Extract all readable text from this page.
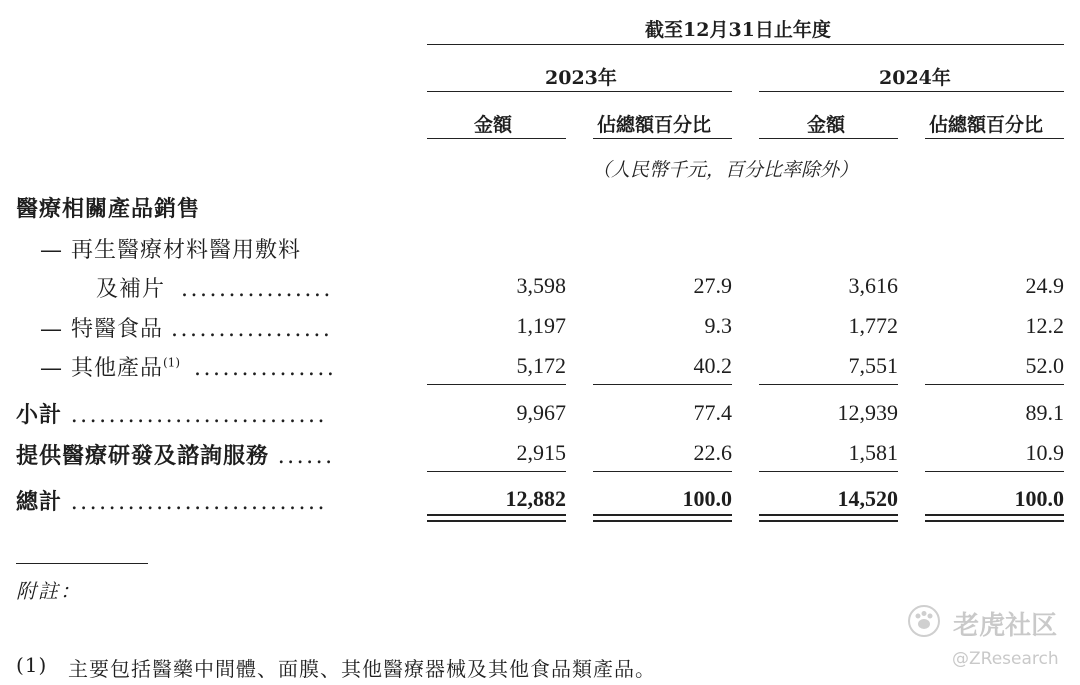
截至12月31日止年度
2023年	2024年
金額	佔總額百分比	金額	佔總額百分比
（人民幣千元，百分比率除外）
醫療相關產品銷售
— 再生醫療材料醫用敷料
及補片 ................	3,598	27.9	3,616	24.9
— 特醫食品 .................	1,197	9.3	1,772	12.2
— 其他產品$^{(1)}$ ...............	5,172	40.2	7,551	52.0
小計 ...........................	9,967	77.4	12,939	89.1
提供醫療研發及諮詢服務 ......	2,915	22.6	1,581	10.9
總計 ...........................	12,882	100.0	14,520	100.0
附註：
(1) 主要包括醫藥中間體、面膜、其他醫療器械及其他食品類產品。
老虎社区
@ZResearch
